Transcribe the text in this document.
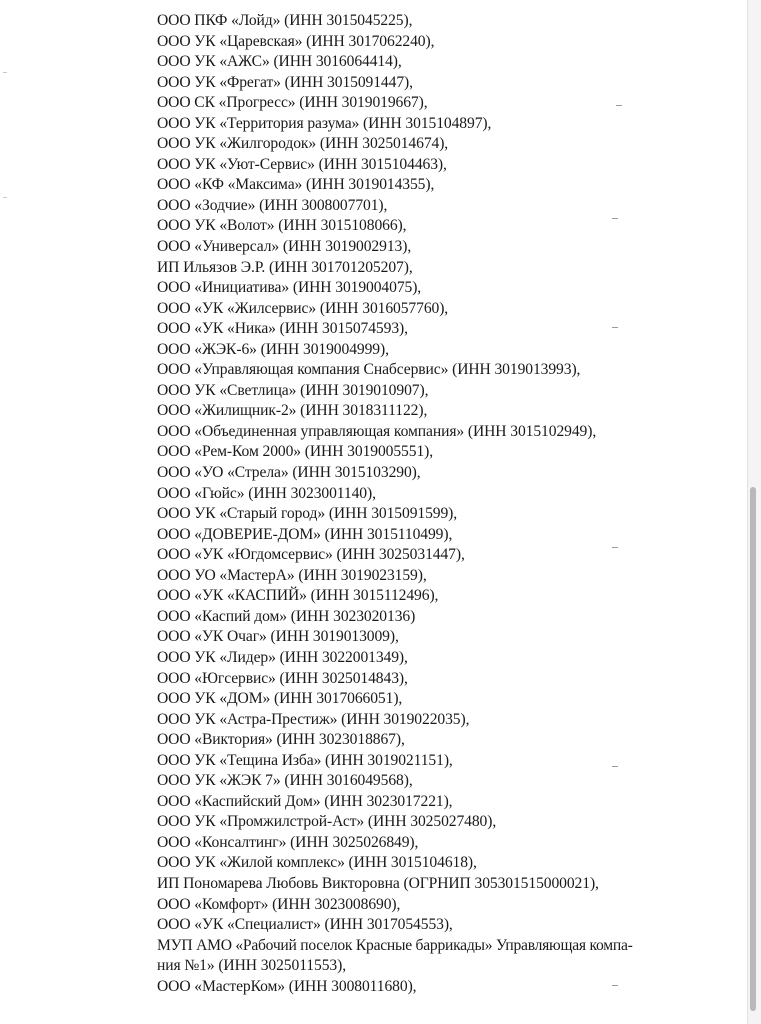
ООО ПКФ «Лойд» (ИНН 3015045225),
ООО УК «Царевская» (ИНН 3017062240),
ООО УК «АЖС» (ИНН 3016064414),
ООО УК «Фрегат» (ИНН 3015091447),
ООО СК «Прогресс» (ИНН 3019019667),
ООО УК «Территория разума» (ИНН 3015104897),
ООО УК «Жилгородок» (ИНН 3025014674),
ООО УК «Уют-Сервис» (ИНН 3015104463),
ООО «КФ «Максима» (ИНН 3019014355),
ООО «Зодчие» (ИНН 3008007701),
ООО УК «Волот» (ИНН 3015108066),
ООО «Универсал» (ИНН 3019002913),
ИП Ильязов Э.Р. (ИНН 301701205207),
ООО «Инициатива» (ИНН 3019004075),
ООО «УК «Жилсервис» (ИНН 3016057760),
ООО «УК «Ника» (ИНН 3015074593),
ООО «ЖЭК-6» (ИНН 3019004999),
ООО «Управляющая компания Снабсервис» (ИНН 3019013993),
ООО УК «Светлица» (ИНН 3019010907),
ООО «Жилищник-2» (ИНН 3018311122),
ООО «Объединенная управляющая компания» (ИНН 3015102949),
ООО «Рем-Ком 2000» (ИНН 3019005551),
ООО «УО «Стрела» (ИНН 3015103290),
ООО «Гюйс» (ИНН 3023001140),
ООО УК «Старый город» (ИНН 3015091599),
ООО «ДОВЕРИЕ-ДОМ» (ИНН 3015110499),
ООО «УК «Югдомсервис» (ИНН 3025031447),
ООО УО «МастерА» (ИНН 3019023159),
ООО «УК «КАСПИЙ» (ИНН 3015112496),
ООО «Каспий дом» (ИНН 3023020136)
ООО «УК Очаг» (ИНН 3019013009),
ООО УК «Лидер» (ИНН 3022001349),
ООО «Югсервис» (ИНН 3025014843),
ООО УК «ДОМ» (ИНН 3017066051),
ООО УК «Астра-Престиж» (ИНН 3019022035),
ООО «Виктория» (ИНН 3023018867),
ООО УК «Тещина Изба» (ИНН 3019021151),
ООО УК «ЖЭК 7» (ИНН 3016049568),
ООО «Каспийский Дом» (ИНН 3023017221),
ООО УК «Промжилстрой-Аст» (ИНН 3025027480),
ООО «Консалтинг» (ИНН 3025026849),
ООО УК «Жилой комплекс» (ИНН 3015104618),
ИП Пономарева Любовь Викторовна (ОГРНИП 305301515000021),
ООО «Комфорт» (ИНН 3023008690),
ООО «УК «Специалист» (ИНН 3017054553),
МУП АМО «Рабочий поселок Красные баррикады» Управляющая компа-
ния №1» (ИНН 3025011553),
ООО «МастерКом» (ИНН 3008011680),
